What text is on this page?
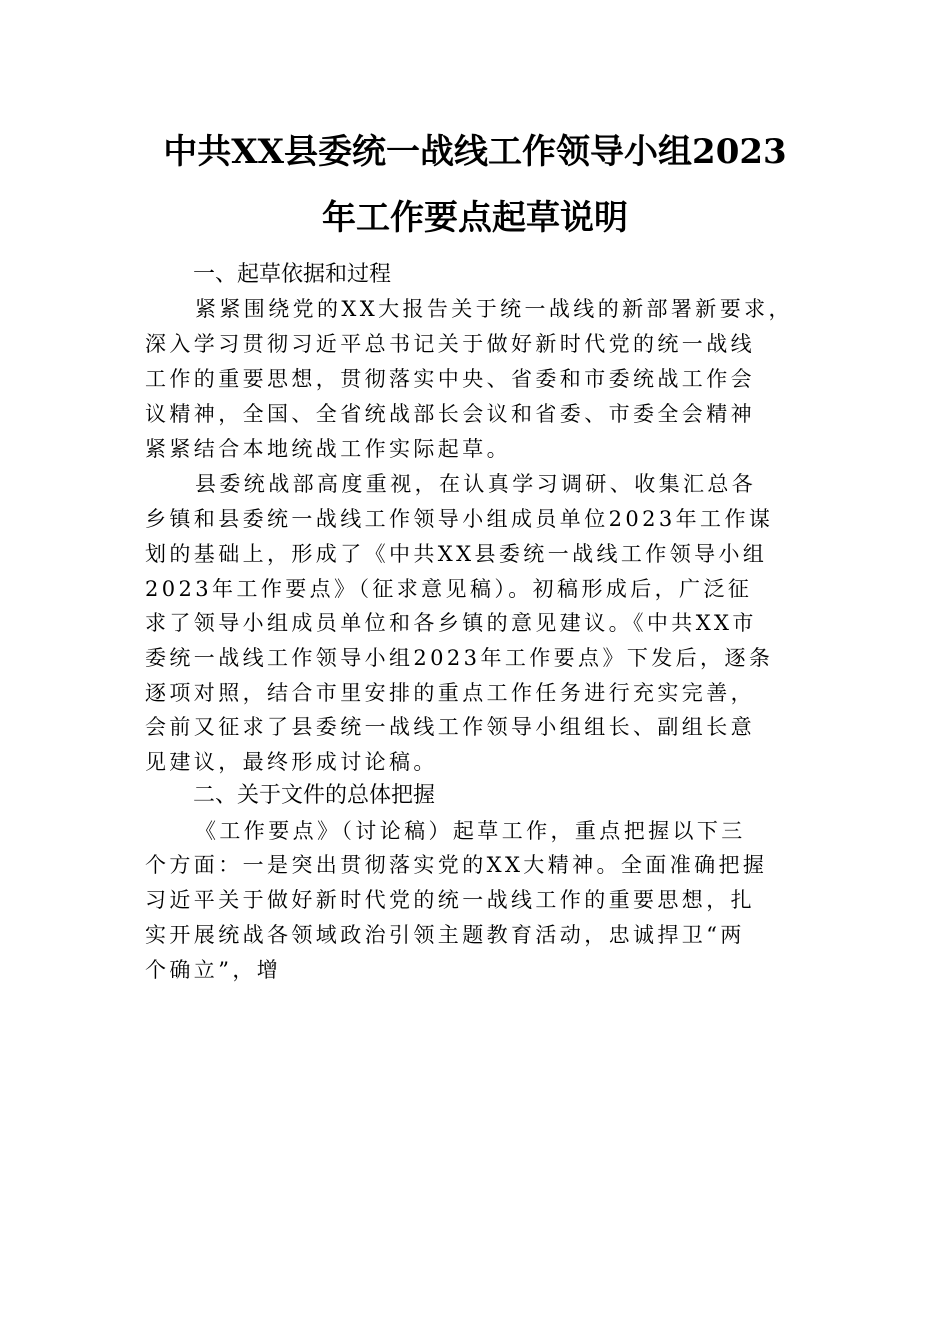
中共XX县委统一战线工作领导小组2023
年工作要点起草说明
一、起草依据和过程
紧紧围绕党的XX大报告关于统一战线的新部署新要求，
深入学习贯彻习近平总书记关于做好新时代党的统一战线
工作的重要思想，贯彻落实中央、省委和市委统战工作会
议精神，全国、全省统战部长会议和省委、市委全会精神
紧紧结合本地统战工作实际起草。
县委统战部高度重视，在认真学习调研、收集汇总各
乡镇和县委统一战线工作领导小组成员单位2023年工作谋
划的基础上，形成了《中共XX县委统一战线工作领导小组
2023年工作要点》（征求意见稿）。初稿形成后，广泛征
求了领导小组成员单位和各乡镇的意见建议。《中共XX市
委统一战线工作领导小组2023年工作要点》下发后，逐条
逐项对照，结合市里安排的重点工作任务进行充实完善，
会前又征求了县委统一战线工作领导小组组长、副组长意
见建议，最终形成讨论稿。
二、关于文件的总体把握
《工作要点》（讨论稿）起草工作，重点把握以下三
个方面：一是突出贯彻落实党的XX大精神。全面准确把握
习近平关于做好新时代党的统一战线工作的重要思想，扎
实开展统战各领域政治引领主题教育活动，忠诚捍卫“两
个确立”，增
